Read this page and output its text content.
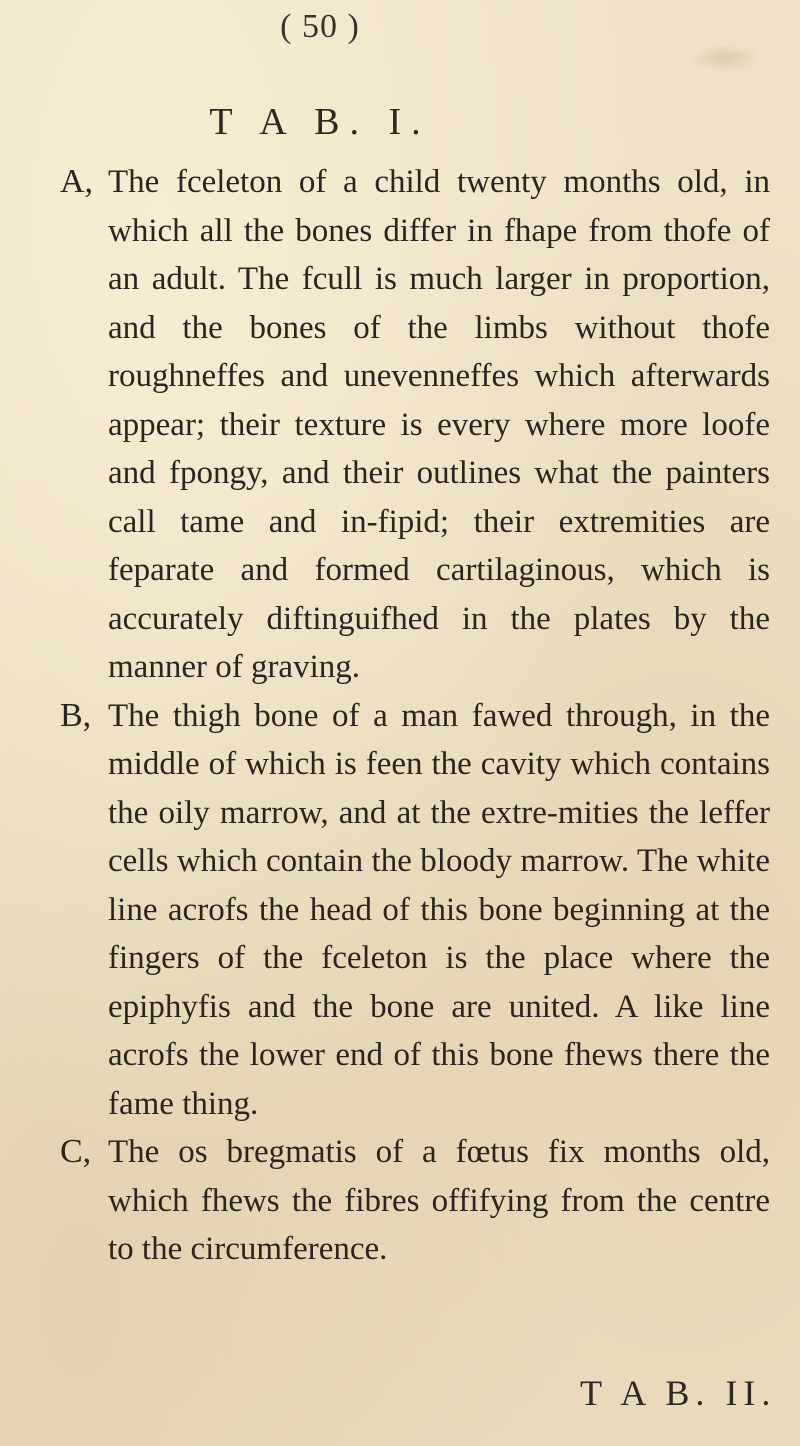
( 50 )
T A B. I.
A, The fceleton of a child twenty months old, in which all the bones differ in fhape from thofe of an adult. The fcull is much larger in proportion, and the bones of the limbs without thofe roughneffes and unevenneffes which afterwards appear; their texture is every where more loofe and fpongy, and their outlines what the painters call tame and in-fipid; their extremities are feparate and formed cartilaginous, which is accurately diftinguifhed in the plates by the manner of graving.
B, The thigh bone of a man fawed through, in the middle of which is feen the cavity which contains the oily marrow, and at the extre-mities the leffer cells which contain the bloody marrow. The white line acrofs the head of this bone beginning at the fingers of the fceleton is the place where the epiphyfis and the bone are united. A like line acrofs the lower end of this bone fhews there the fame thing.
C, The os bregmatis of a fœtus fix months old, which fhews the fibres offifying from the centre to the circumference.
T A B. II.
